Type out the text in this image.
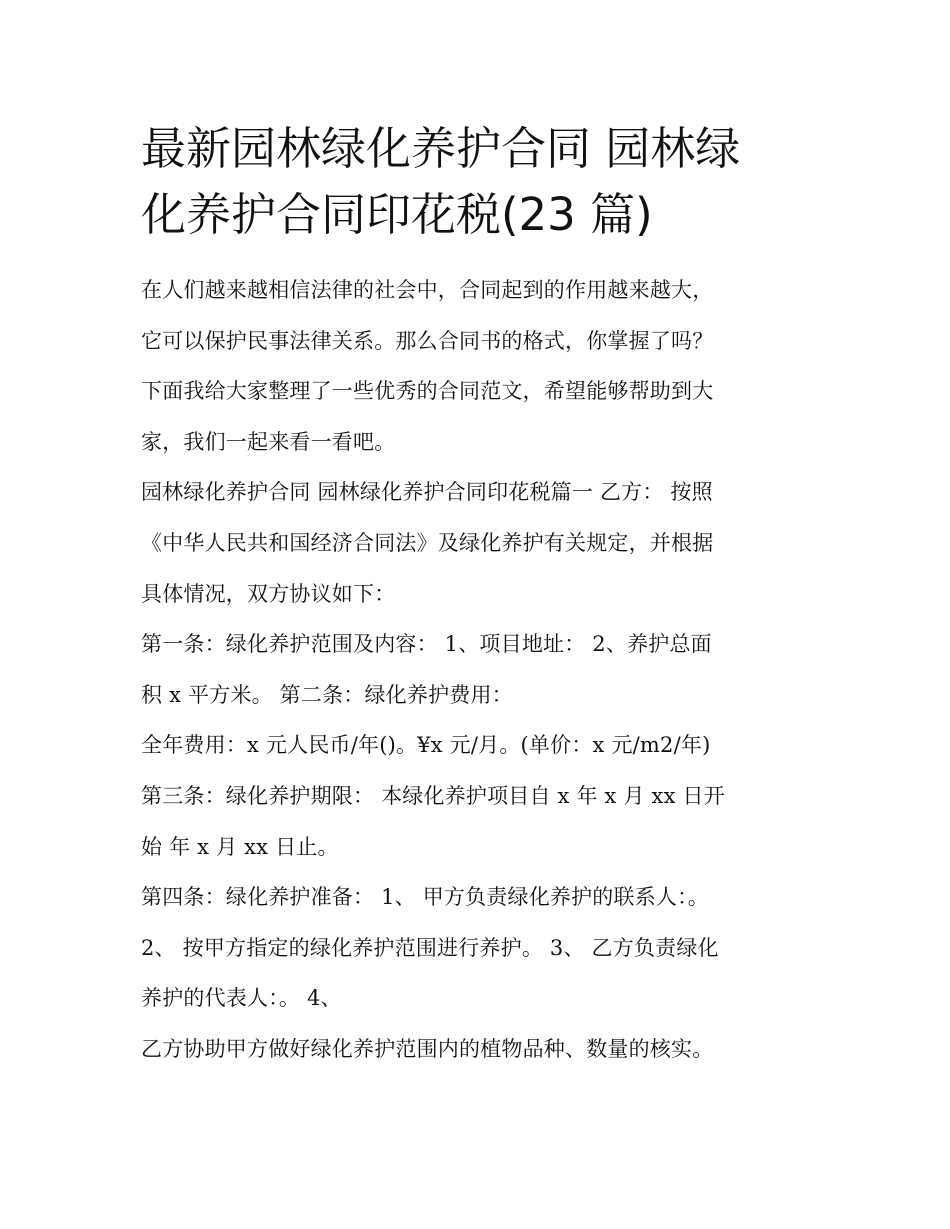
最新园林绿化养护合同 园林绿
化养护合同印花税(23 篇)

在人们越来越相信法律的社会中，合同起到的作用越来越大，
它可以保护民事法律关系。那么合同书的格式，你掌握了吗？
下面我给大家整理了一些优秀的合同范文，希望能够帮助到大
家，我们一起来看一看吧。

园林绿化养护合同 园林绿化养护合同印花税篇一 乙方： 按照
《中华人民共和国经济合同法》及绿化养护有关规定，并根据
具体情况，双方协议如下：

第一条：绿化养护范围及内容： 1、项目地址： 2、养护总面
积 x 平方米。 第二条：绿化养护费用：

全年费用：x 元人民币/年()。¥x 元/月。(单价：x 元/m2/年)

第三条：绿化养护期限： 本绿化养护项目自 x 年 x 月 xx 日开
始 年 x 月 xx 日止。

第四条：绿化养护准备： 1、 甲方负责绿化养护的联系人：。
2、 按甲方指定的绿化养护范围进行养护。 3、 乙方负责绿化
养护的代表人：。 4、

乙方协助甲方做好绿化养护范围内的植物品种、数量的核实。
